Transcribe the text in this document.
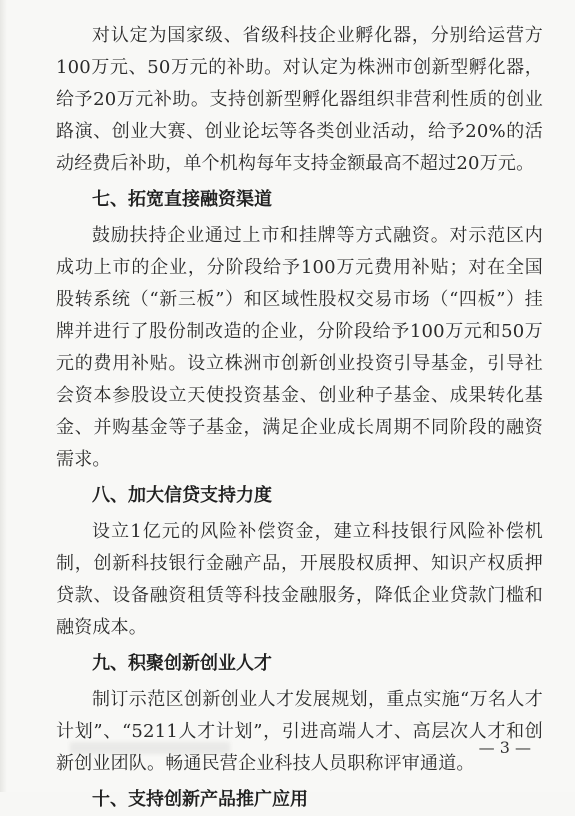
对认定为国家级、省级科技企业孵化器，分别给运营方100万元、50万元的补助。对认定为株洲市创新型孵化器，给予20万元补助。支持创新型孵化器组织非营利性质的创业路演、创业大赛、创业论坛等各类创业活动，给予20%的活动经费后补助，单个机构每年支持金额最高不超过20万元。

七、拓宽直接融资渠道

鼓励扶持企业通过上市和挂牌等方式融资。对示范区内成功上市的企业，分阶段给予100万元费用补贴；对在全国股转系统（“新三板”）和区域性股权交易市场（“四板”）挂牌并进行了股份制改造的企业，分阶段给予100万元和50万元的费用补贴。设立株洲市创新创业投资引导基金，引导社会资本参股设立天使投资基金、创业种子基金、成果转化基金、并购基金等子基金，满足企业成长周期不同阶段的融资需求。

八、加大信贷支持力度

设立1亿元的风险补偿资金，建立科技银行风险补偿机制，创新科技银行金融产品，开展股权质押、知识产权质押贷款、设备融资租赁等科技金融服务，降低企业贷款门槛和融资成本。

九、积聚创新创业人才

制订示范区创新创业人才发展规划，重点实施“万名人才计划”、“5211人才计划”，引进高端人才、高层次人才和创新创业团队。畅通民营企业科技人员职称评审通道。

十、支持创新产品推广应用

— 3 —
